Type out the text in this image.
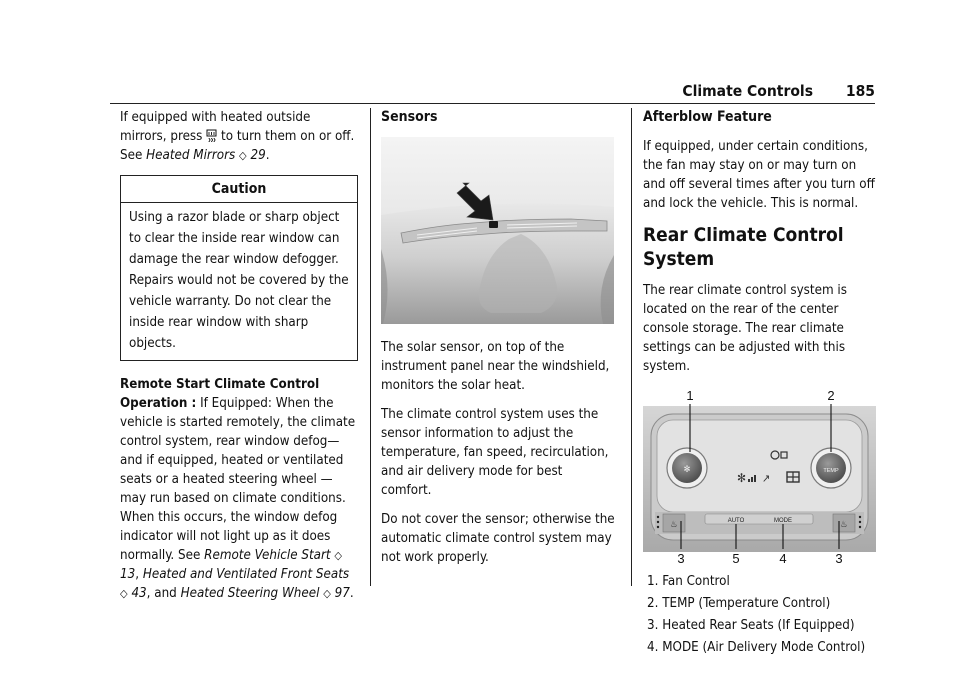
Climate Controls 185

If equipped with heated outside mirrors, press to turn them on or off. See Heated Mirrors ◇ 29.

Caution
Using a razor blade or sharp object to clear the inside rear window can damage the rear window defogger. Repairs would not be covered by the vehicle warranty. Do not clear the inside rear window with sharp objects.

Remote Start Climate Control Operation : If Equipped: When the vehicle is started remotely, the climate control system, rear window defog— and if equipped, heated or ventilated seats or a heated steering wheel — may run based on climate conditions. When this occurs, the window defog indicator will not light up as it does normally. See Remote Vehicle Start ◇ 13, Heated and Ventilated Front Seats ◇ 43, and Heated Steering Wheel ◇ 97.

Sensors

The solar sensor, on top of the instrument panel near the windshield, monitors the solar heat.

The climate control system uses the sensor information to adjust the temperature, fan speed, recirculation, and air delivery mode for best comfort.

Do not cover the sensor; otherwise the automatic climate control system may not work properly.

Afterblow Feature

If equipped, under certain conditions, the fan may stay on or may turn on and off several times after you turn off and lock the vehicle. This is normal.

Rear Climate Control System

The rear climate control system is located on the rear of the center console storage. The rear climate settings can be adjusted with this system.

1	2
✻	TEMP
✻ ↗
♨	♨
AUTO	MODE
3	5	4	3
1. Fan Control
2. TEMP (Temperature Control)
3. Heated Rear Seats (If Equipped)
4. MODE (Air Delivery Mode Control)
